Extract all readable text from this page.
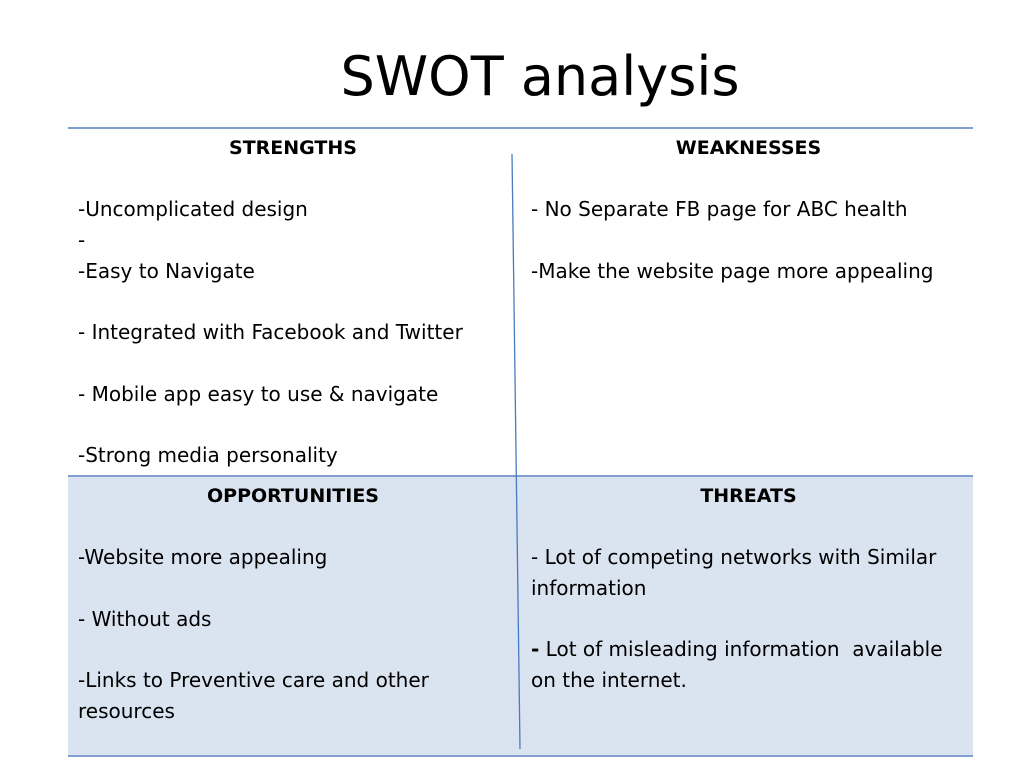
SWOT analysis
STRENGTHS
-Uncomplicated design
-
-Easy to Navigate
- Integrated with Facebook and Twitter
- Mobile app easy to use & navigate
-Strong media personality
WEAKNESSES
- No Separate FB page for ABC health
-Make the website page more appealing
OPPORTUNITIES
-Website more appealing
- Without ads
-Links to Preventive care and other resources
THREATS
- Lot of competing networks with Similar information
- Lot of misleading information  available on the internet.
